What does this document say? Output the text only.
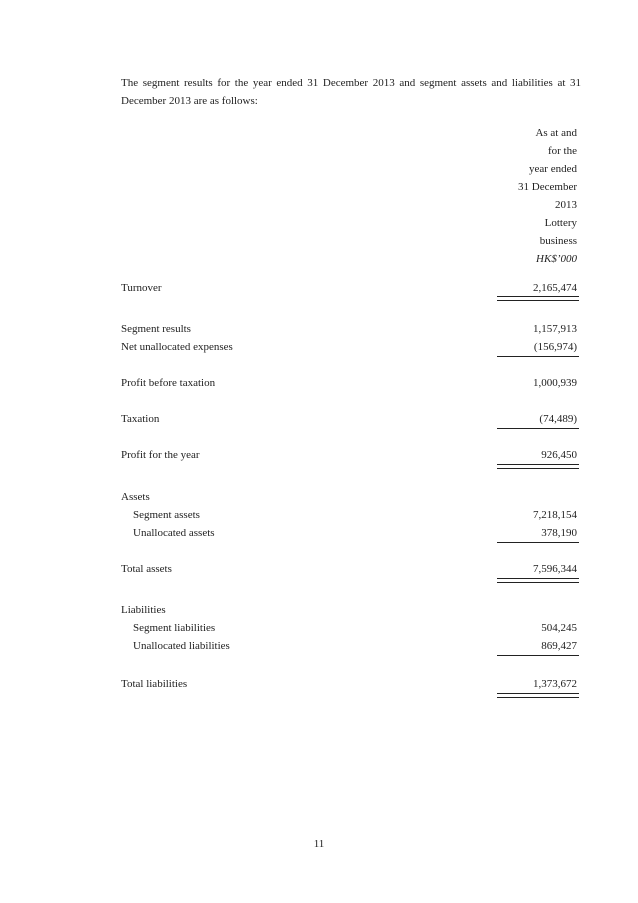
The segment results for the year ended 31 December 2013 and segment assets and liabilities at 31 December 2013 are as follows:

As at and
for the
year ended
31 December
2013
Lottery
business
HK$’000
Turnover	2,165,474
Segment results	1,157,913
Net unallocated expenses	(156,974)
Profit before taxation	1,000,939
Taxation	(74,489)
Profit for the year	926,450
Assets
Segment assets	7,218,154
Unallocated assets	378,190
Total assets	7,596,344
Liabilities
Segment liabilities	504,245
Unallocated liabilities	869,427
Total liabilities	1,373,672
11
